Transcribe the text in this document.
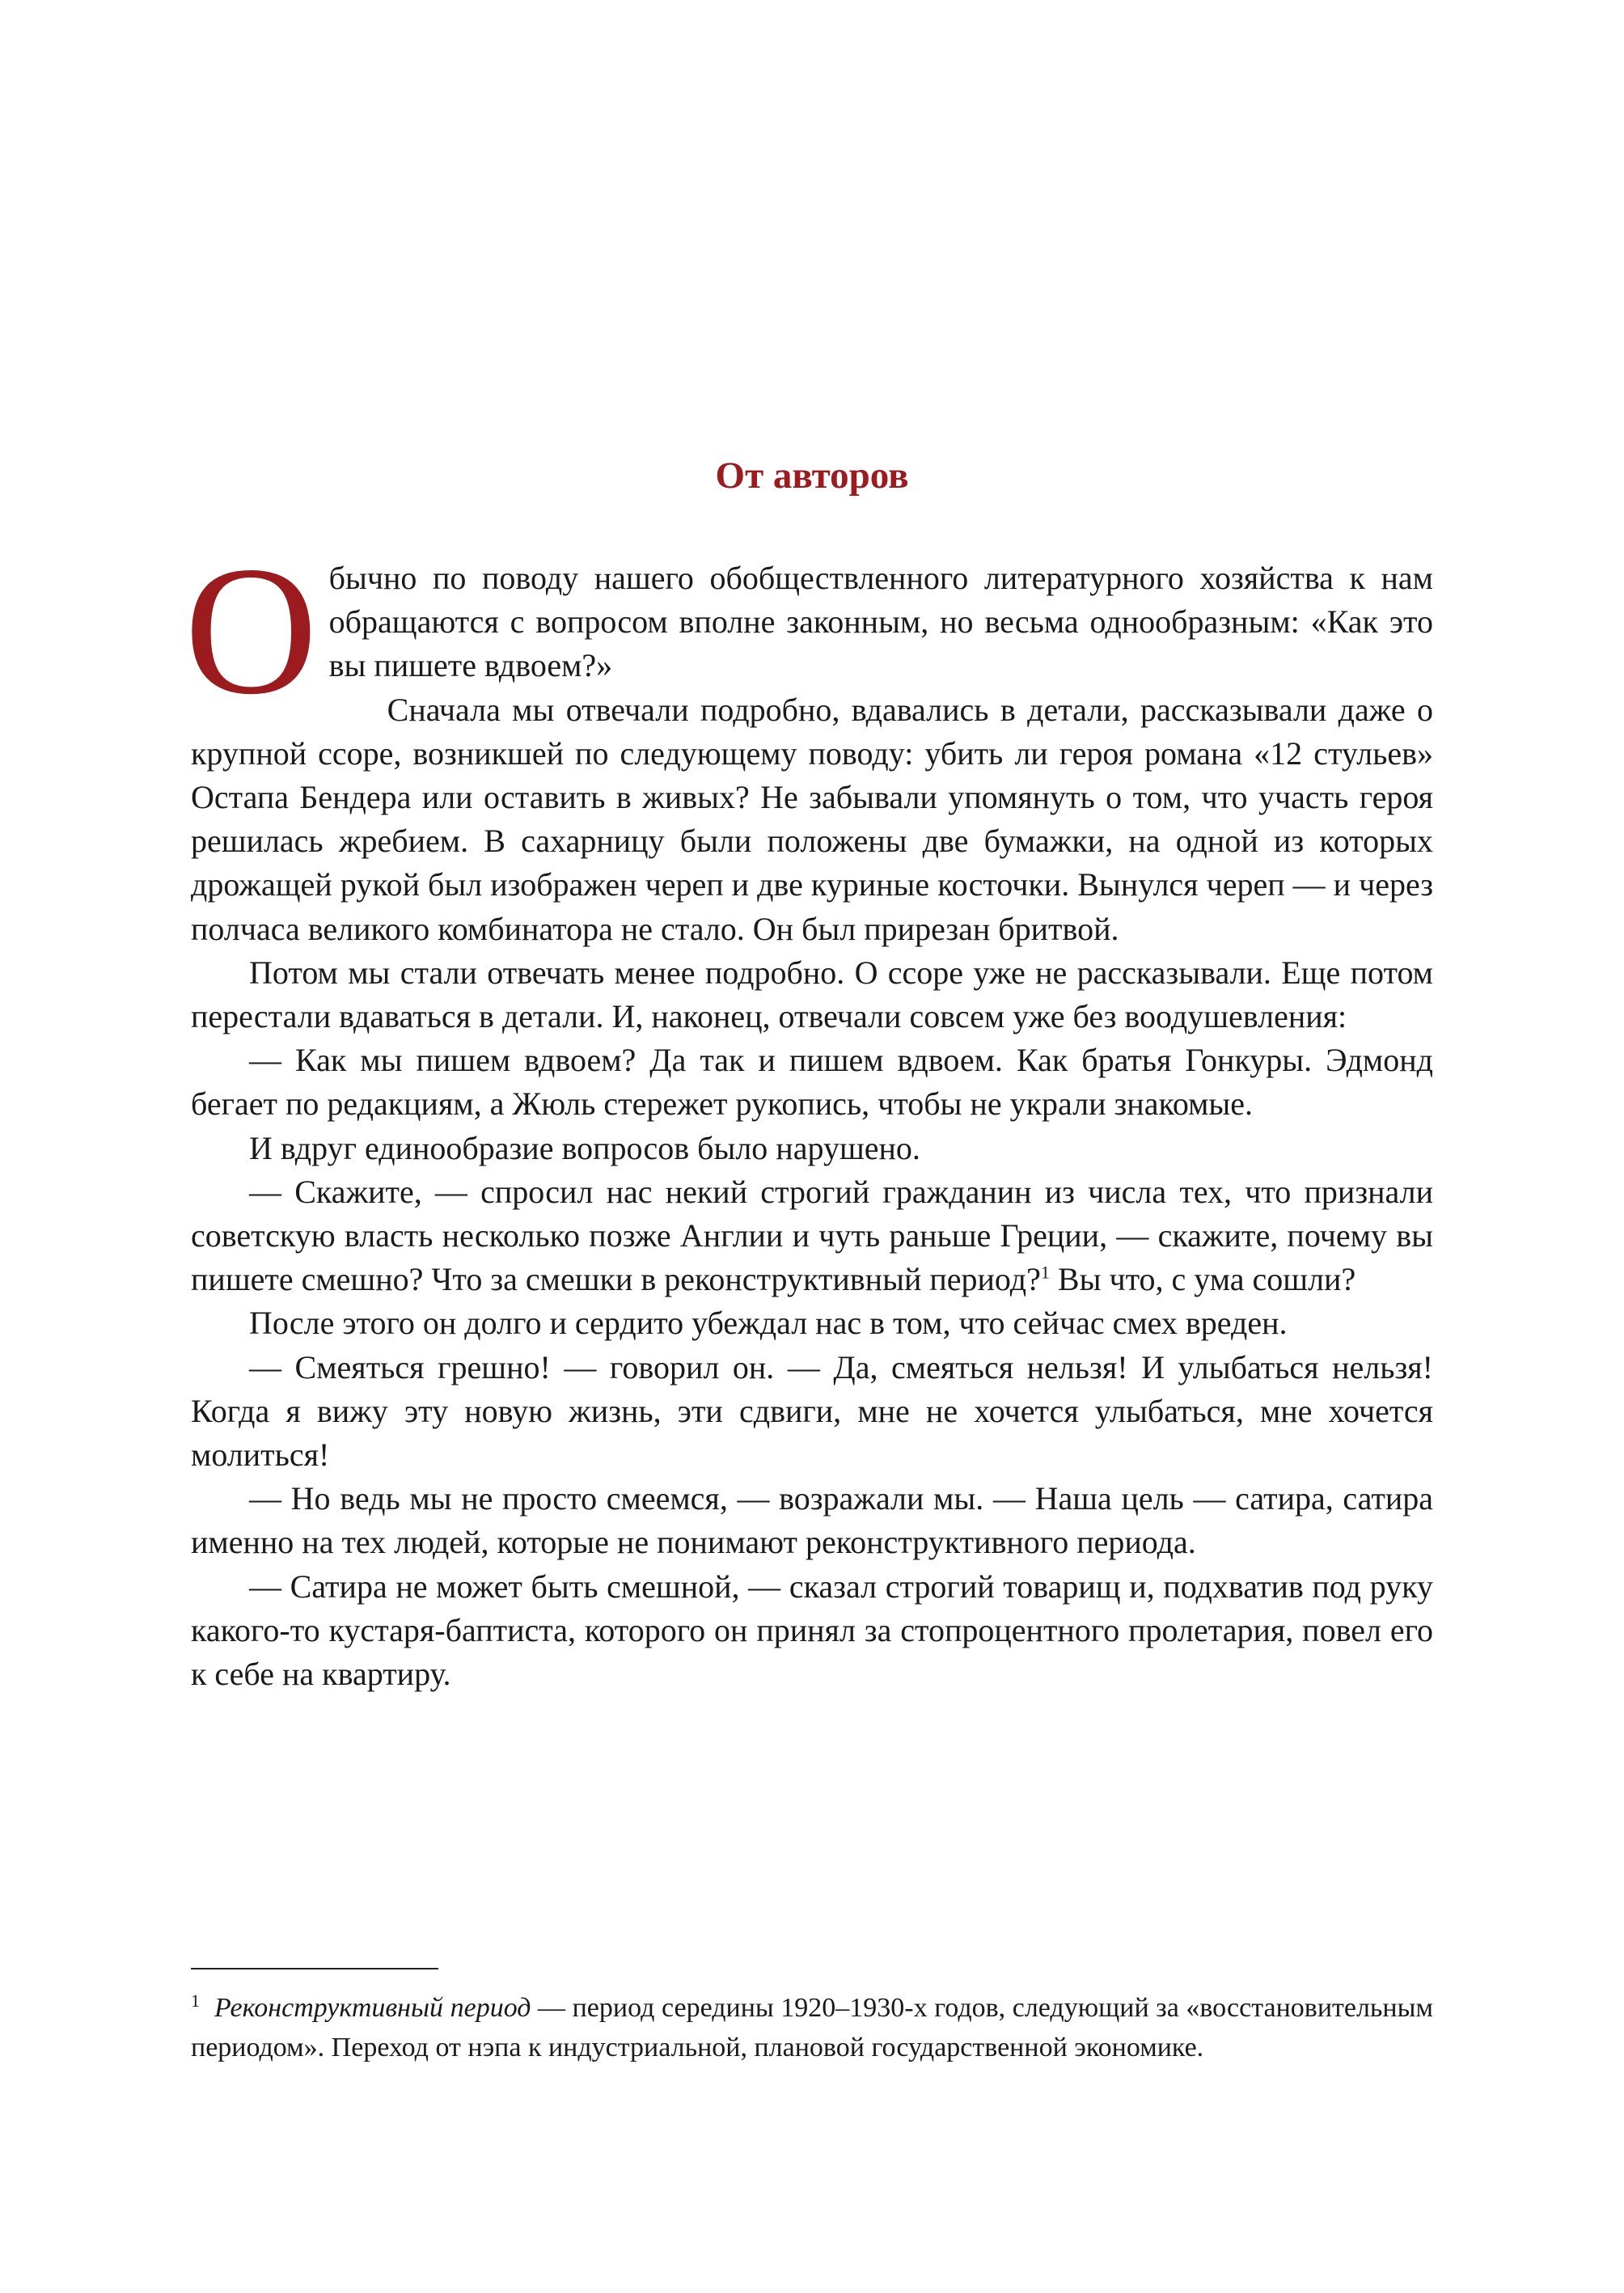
От авторов

Обычно по поводу нашего обобществленного литературного хозяйства к нам обращаются с вопросом вполне законным, но весьма однообразным: «Как это вы пишете вдвоем?»

Сначала мы отвечали подробно, вдавались в детали, рассказывали даже о крупной ссоре, возникшей по следующему поводу: убить ли героя романа «12 стульев» Остапа Бендера или оставить в живых? Не забывали упомянуть о том, что участь героя решилась жребием. В сахарницу были положены две бумажки, на одной из которых дрожащей рукой был изображен череп и две куриные косточки. Вынулся череп — и через полчаса великого комбинатора не стало. Он был прирезан бритвой.

Потом мы стали отвечать менее подробно. О ссоре уже не рассказывали. Еще потом перестали вдаваться в детали. И, наконец, отвечали совсем уже без воодушевления:

— Как мы пишем вдвоем? Да так и пишем вдвоем. Как братья Гонкуры. Эдмонд бегает по редакциям, а Жюль стережет рукопись, чтобы не украли знакомые.

И вдруг единообразие вопросов было нарушено.

— Скажите, — спросил нас некий строгий гражданин из числа тех, что признали советскую власть несколько позже Англии и чуть раньше Греции, — скажите, почему вы пишете смешно? Что за смешки в реконструктивный период?$^1$ Вы что, с ума сошли?

После этого он долго и сердито убеждал нас в том, что сейчас смех вреден.

— Смеяться грешно! — говорил он. — Да, смеяться нельзя! И улыбаться нельзя! Когда я вижу эту новую жизнь, эти сдвиги, мне не хочется улыбаться, мне хочется молиться!

— Но ведь мы не просто смеемся, — возражали мы. — Наша цель — сатира, сатира именно на тех людей, которые не понимают реконструктивного периода.

— Сатира не может быть смешной, — сказал строгий товарищ и, подхватив под руку какого-то кустаря-баптиста, которого он принял за стопроцентного пролетария, повел его к себе на квартиру.

$^1$ Реконструктивный период — период середины 1920–1930-х годов, следующий за «восстановительным периодом». Переход от нэпа к индустриальной, плановой государственной экономике.
